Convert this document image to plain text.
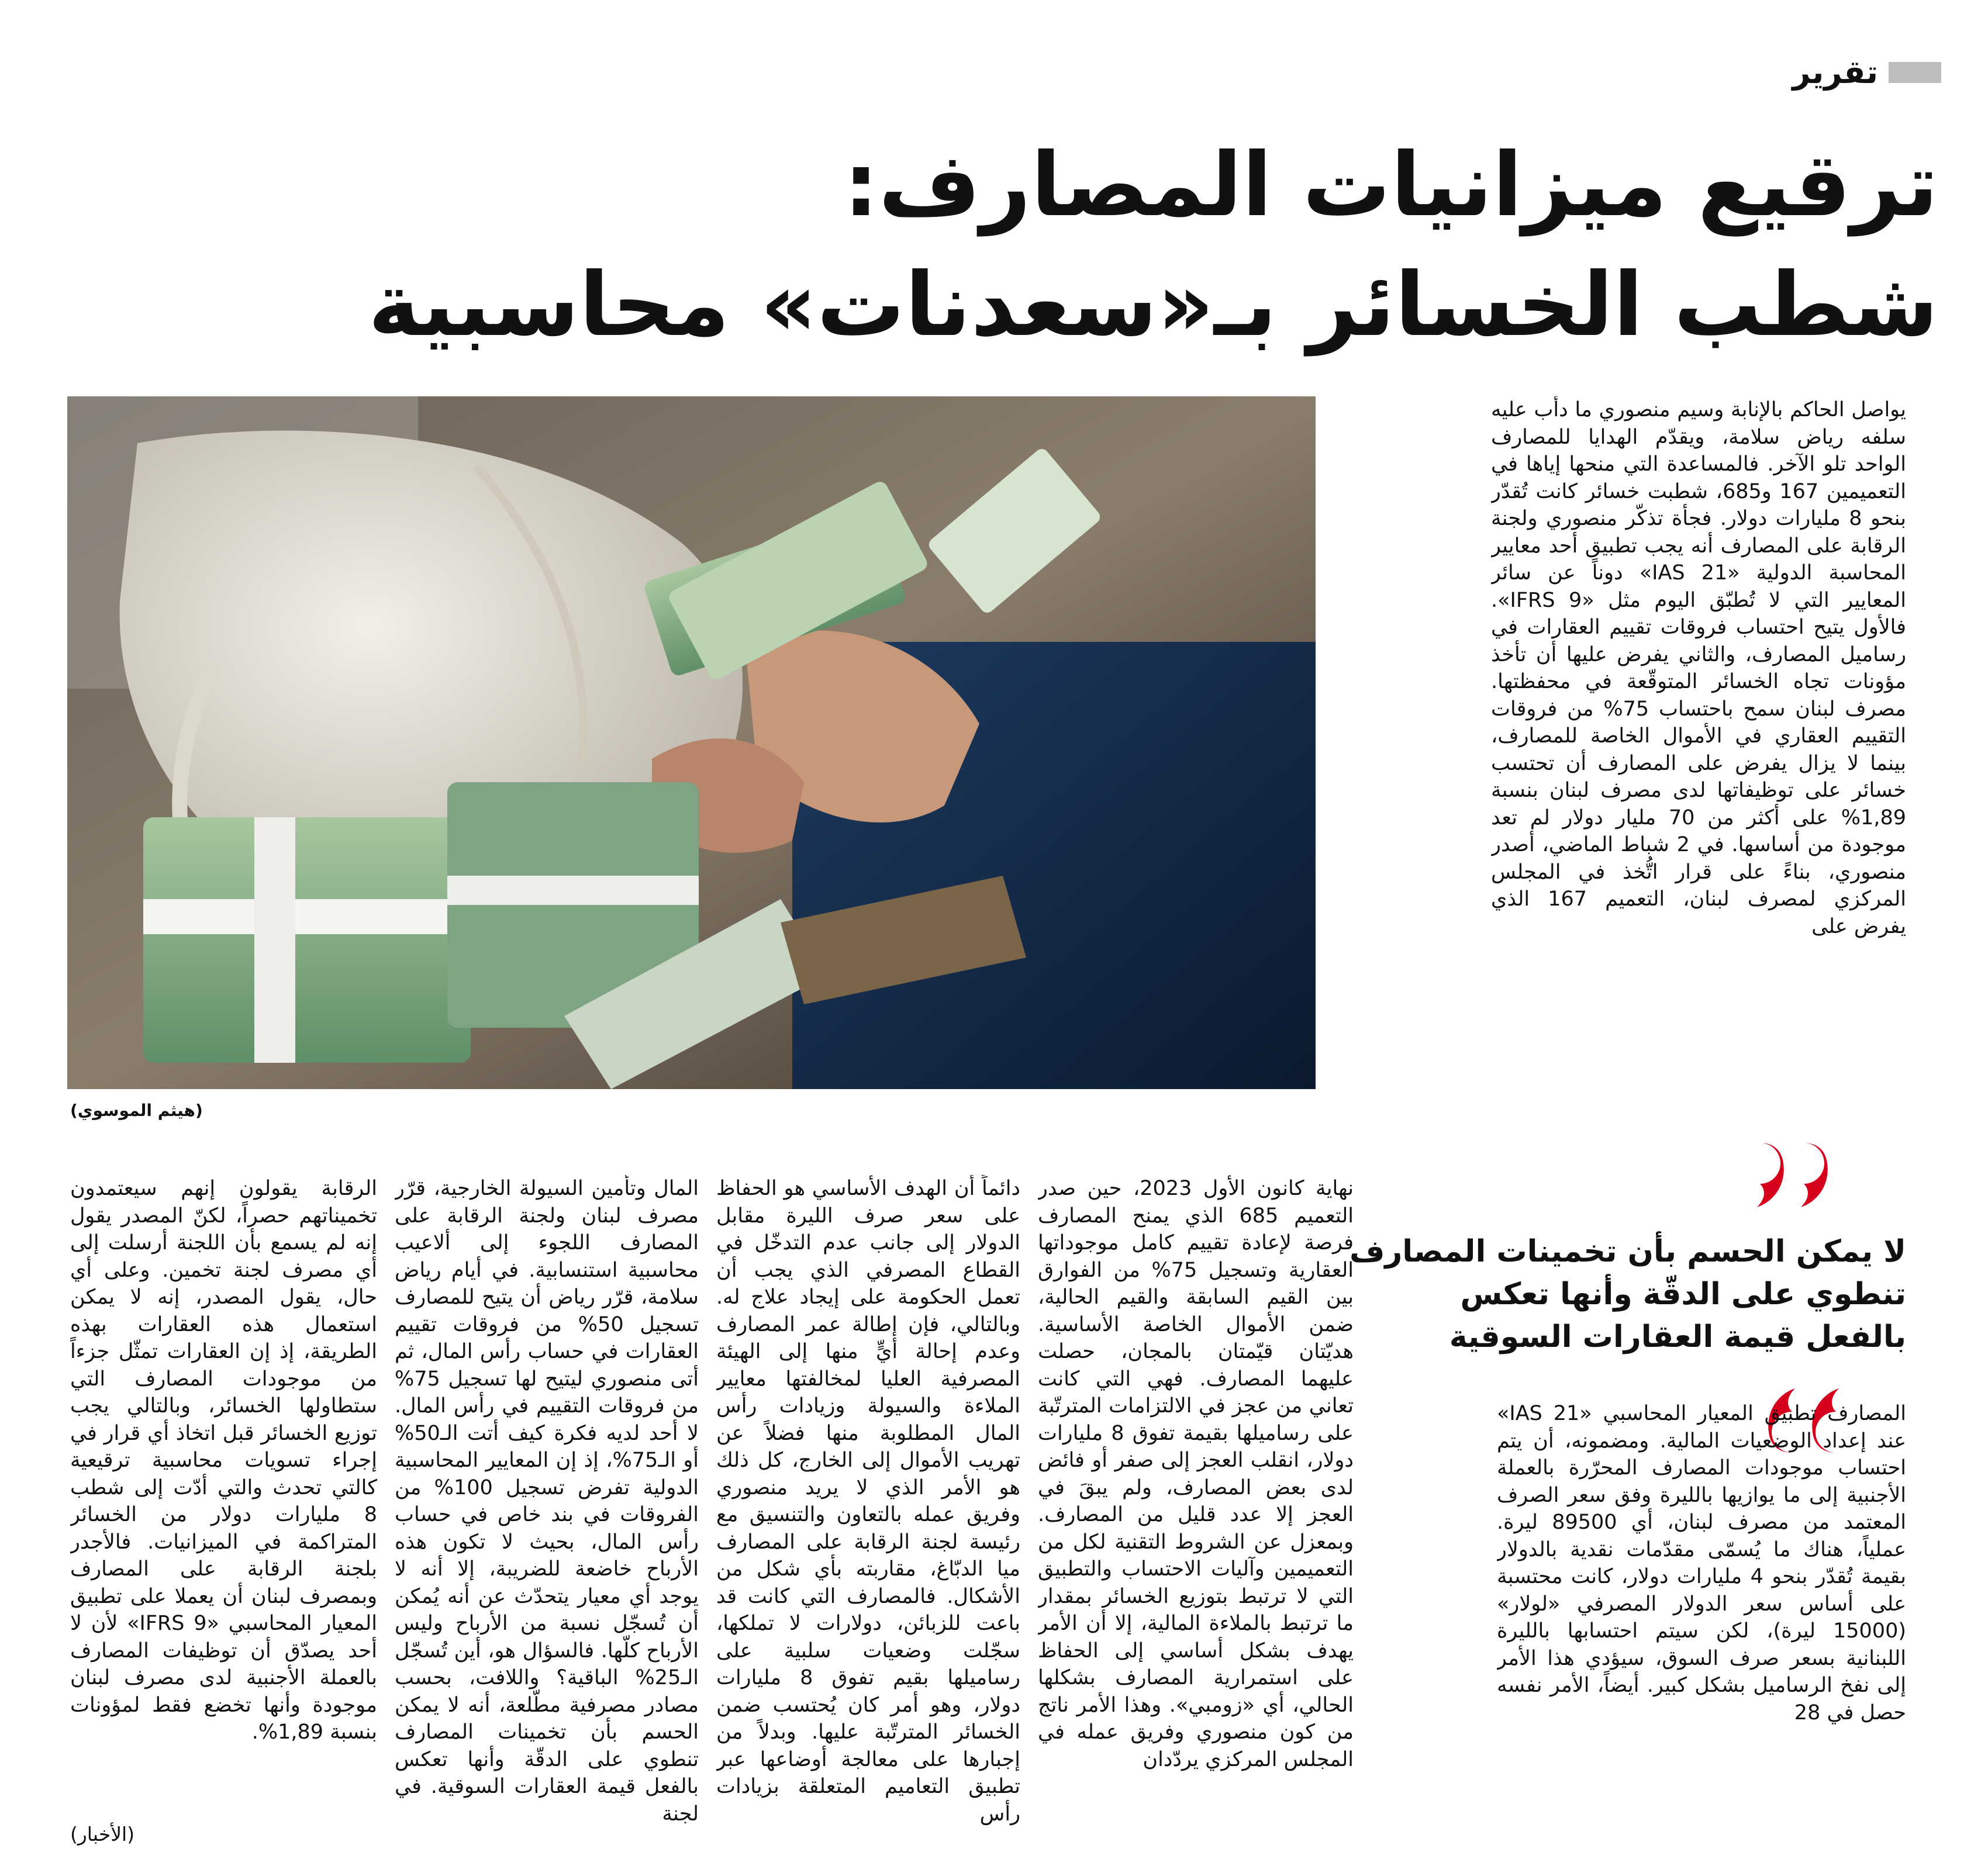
تقرير
ترقيع ميزانيات المصارف:
شطب الخسائر بـ«سعدنات» محاسبية
يواصل الحاكم بالإنابة وسيم منصوري ما دأب عليه سلفه رياض سلامة، ويقدّم الهدايا للمصارف الواحد تلو الآخر. فالمساعدة التي منحها إياها في التعميمين 167 و685، شطبت خسائر كانت تُقدّر بنحو 8 مليارات دولار. فجأة تذكّر منصوري ولجنة الرقابة على المصارف أنه يجب تطبيق أحد معايير المحاسبة الدولية «IAS 21» دوناً عن سائر المعايير التي لا تُطبّق اليوم مثل «IFRS 9». فالأول يتيح احتساب فروقات تقييم العقارات في رساميل المصارف، والثاني يفرض عليها أن تأخذ مؤونات تجاه الخسائر المتوقّعة في محفظتها. مصرف لبنان سمح باحتساب 75% من فروقات التقييم العقاري في الأموال الخاصة للمصارف، بينما لا يزال يفرض على المصارف أن تحتسب خسائر على توظيفاتها لدى مصرف لبنان بنسبة 1,89% على أكثر من 70 مليار دولار لم تعد موجودة من أساسها. في 2 شباط الماضي، أصدر منصوري، بناءً على قرار اتُّخذ في المجلس المركزي لمصرف لبنان، التعميم 167 الذي يفرض على
(هيثم الموسوي)
لا يمكن الحسم بأن تخمينات المصارف
تنطوي على الدقّة وأنها تعكس
بالفعل قيمة العقارات السوقية
المصارف تطبيق المعيار المحاسبي «IAS 21» عند إعداد الوضعيات المالية. ومضمونه، أن يتم احتساب موجودات المصارف المحرّرة بالعملة الأجنبية إلى ما يوازيها بالليرة وفق سعر الصرف المعتمد من مصرف لبنان، أي 89500 ليرة. عملياً، هناك ما يُسمّى مقدّمات نقدية بالدولار بقيمة تُقدّر بنحو 4 مليارات دولار، كانت محتسبة على أساس سعر الدولار المصرفي «لولار» (15000 ليرة)، لكن سيتم احتسابها بالليرة اللبنانية بسعر صرف السوق، سيؤدي هذا الأمر إلى نفخ الرساميل بشكل كبير. أيضاً، الأمر نفسه حصل في 28
نهاية كانون الأول 2023، حين صدر التعميم 685 الذي يمنح المصارف فرصة لإعادة تقييم كامل موجوداتها العقارية وتسجيل 75% من الفوارق بين القيم السابقة والقيم الحالية، ضمن الأموال الخاصة الأساسية. هديّتان قيّمتان بالمجان، حصلت عليهما المصارف. فهي التي كانت تعاني من عجز في الالتزامات المترتّبة على رساميلها بقيمة تفوق 8 مليارات دولار، انقلب العجز إلى صفر أو فائض لدى بعض المصارف، ولم يبقَ في العجز إلا عدد قليل من المصارف. وبمعزل عن الشروط التقنية لكل من التعميمين وآليات الاحتساب والتطبيق التي لا ترتبط بتوزيع الخسائر بمقدار ما ترتبط بالملاءة المالية، إلا أن الأمر يهدف بشكل أساسي إلى الحفاظ على استمرارية المصارف بشكلها الحالي، أي «زومبي». وهذا الأمر ناتج من كون منصوري وفريق عمله في المجلس المركزي يردّدان
دائماً أن الهدف الأساسي هو الحفاظ على سعر صرف الليرة مقابل الدولار إلى جانب عدم التدخّل في القطاع المصرفي الذي يجب أن تعمل الحكومة على إيجاد علاج له. وبالتالي، فإن إطالة عمر المصارف وعدم إحالة أيٍّ منها إلى الهيئة المصرفية العليا لمخالفتها معايير الملاءة والسيولة وزيادات رأس المال المطلوبة منها فضلاً عن تهريب الأموال إلى الخارج، كل ذلك هو الأمر الذي لا يريد منصوري وفريق عمله بالتعاون والتنسيق مع رئيسة لجنة الرقابة على المصارف ميا الدبّاغ، مقاربته بأي شكل من الأشكال. فالمصارف التي كانت قد باعت للزبائن، دولارات لا تملكها، سجّلت وضعيات سلبية على رساميلها بقيم تفوق 8 مليارات دولار، وهو أمر كان يُحتسب ضمن الخسائر المترتّبة عليها. وبدلاً من إجبارها على معالجة أوضاعها عبر تطبيق التعاميم المتعلقة بزيادات رأس
المال وتأمين السيولة الخارجية، قرّر مصرف لبنان ولجنة الرقابة على المصارف اللجوء إلى ألاعيب محاسبية استنسابية. في أيام رياض سلامة، قرّر رياض أن يتيح للمصارف تسجيل 50% من فروقات تقييم العقارات في حساب رأس المال، ثم أتى منصوري ليتيح لها تسجيل 75% من فروقات التقييم في رأس المال. لا أحد لديه فكرة كيف أتت الـ50% أو الـ75%، إذ إن المعايير المحاسبية الدولية تفرض تسجيل 100% من الفروقات في بند خاص في حساب رأس المال، بحيث لا تكون هذه الأرباح خاضعة للضريبة، إلا أنه لا يوجد أي معيار يتحدّث عن أنه يُمكن أن تُسجّل نسبة من الأرباح وليس الأرباح كلّها. فالسؤال هو، أين تُسجّل الـ25% الباقية؟ واللافت، بحسب مصادر مصرفية مطّلعة، أنه لا يمكن الحسم بأن تخمينات المصارف تنطوي على الدقّة وأنها تعكس بالفعل قيمة العقارات السوقية. في لجنة
الرقابة يقولون إنهم سيعتمدون تخميناتهم حصراً، لكنّ المصدر يقول إنه لم يسمع بأن اللجنة أرسلت إلى أي مصرف لجنة تخمين. وعلى أي حال، يقول المصدر، إنه لا يمكن استعمال هذه العقارات بهذه الطريقة، إذ إن العقارات تمثّل جزءاً من موجودات المصارف التي ستطاولها الخسائر، وبالتالي يجب توزيع الخسائر قبل اتخاذ أي قرار في إجراء تسويات محاسبية ترقيعية كالتي تحدث والتي أدّت إلى شطب 8 مليارات دولار من الخسائر المتراكمة في الميزانيات. فالأجدر بلجنة الرقابة على المصارف وبمصرف لبنان أن يعملا على تطبيق المعيار المحاسبي «IFRS 9» لأن لا أحد يصدّق أن توظيفات المصارف بالعملة الأجنبية لدى مصرف لبنان موجودة وأنها تخضع فقط لمؤونات بنسبة 1,89%.
(الأخبار)
